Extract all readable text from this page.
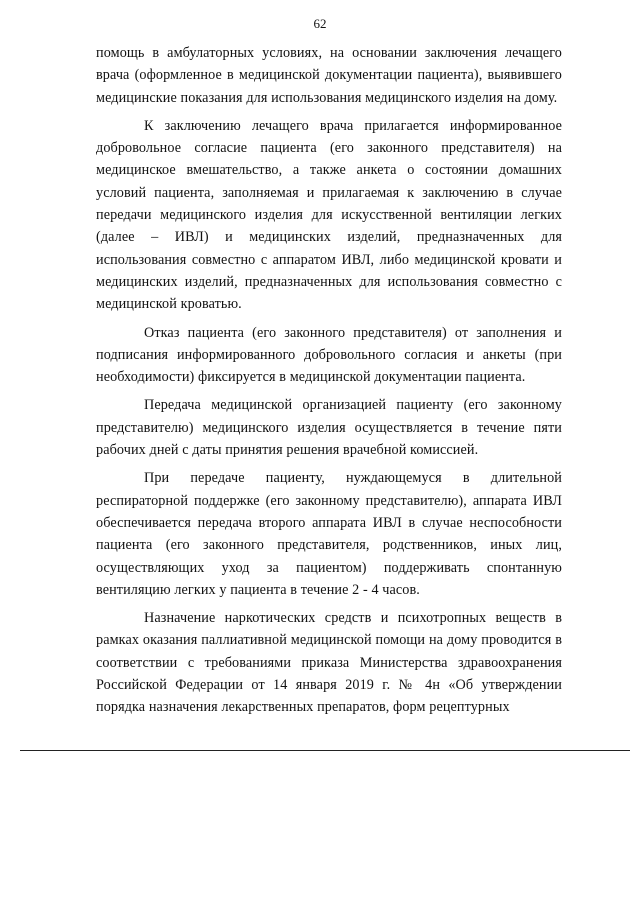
62

помощь в амбулаторных условиях, на основании заключения лечащего врача (оформленное в медицинской документации пациента), выявившего медицинские показания для использования медицинского изделия на дому.

К заключению лечащего врача прилагается информированное добровольное согласие пациента (его законного представителя) на медицинское вмешательство, а также анкета о состоянии домашних условий пациента, заполняемая и прилагаемая к заключению в случае передачи медицинского изделия для искусственной вентиляции легких (далее – ИВЛ) и медицинских изделий, предназначенных для использования совместно с аппаратом ИВЛ, либо медицинской кровати и медицинских изделий, предназначенных для использования совместно с медицинской кроватью.

Отказ пациента (его законного представителя) от заполнения и подписания информированного добровольного согласия и анкеты (при необходимости) фиксируется в медицинской документации пациента.

Передача медицинской организацией пациенту (его законному представителю) медицинского изделия осуществляется в течение пяти рабочих дней с даты принятия решения врачебной комиссией.

При передаче пациенту, нуждающемуся в длительной респираторной поддержке (его законному представителю), аппарата ИВЛ обеспечивается передача второго аппарата ИВЛ в случае неспособности пациента (его законного представителя, родственников, иных лиц, осуществляющих уход за пациентом) поддерживать спонтанную вентиляцию легких у пациента в течение 2 - 4 часов.

Назначение наркотических средств и психотропных веществ в рамках оказания паллиативной медицинской помощи на дому проводится в соответствии с требованиями приказа Министерства здравоохранения Российской Федерации от 14 января 2019 г. № 4н «Об утверждении порядка назначения лекарственных препаратов, форм рецептурных
